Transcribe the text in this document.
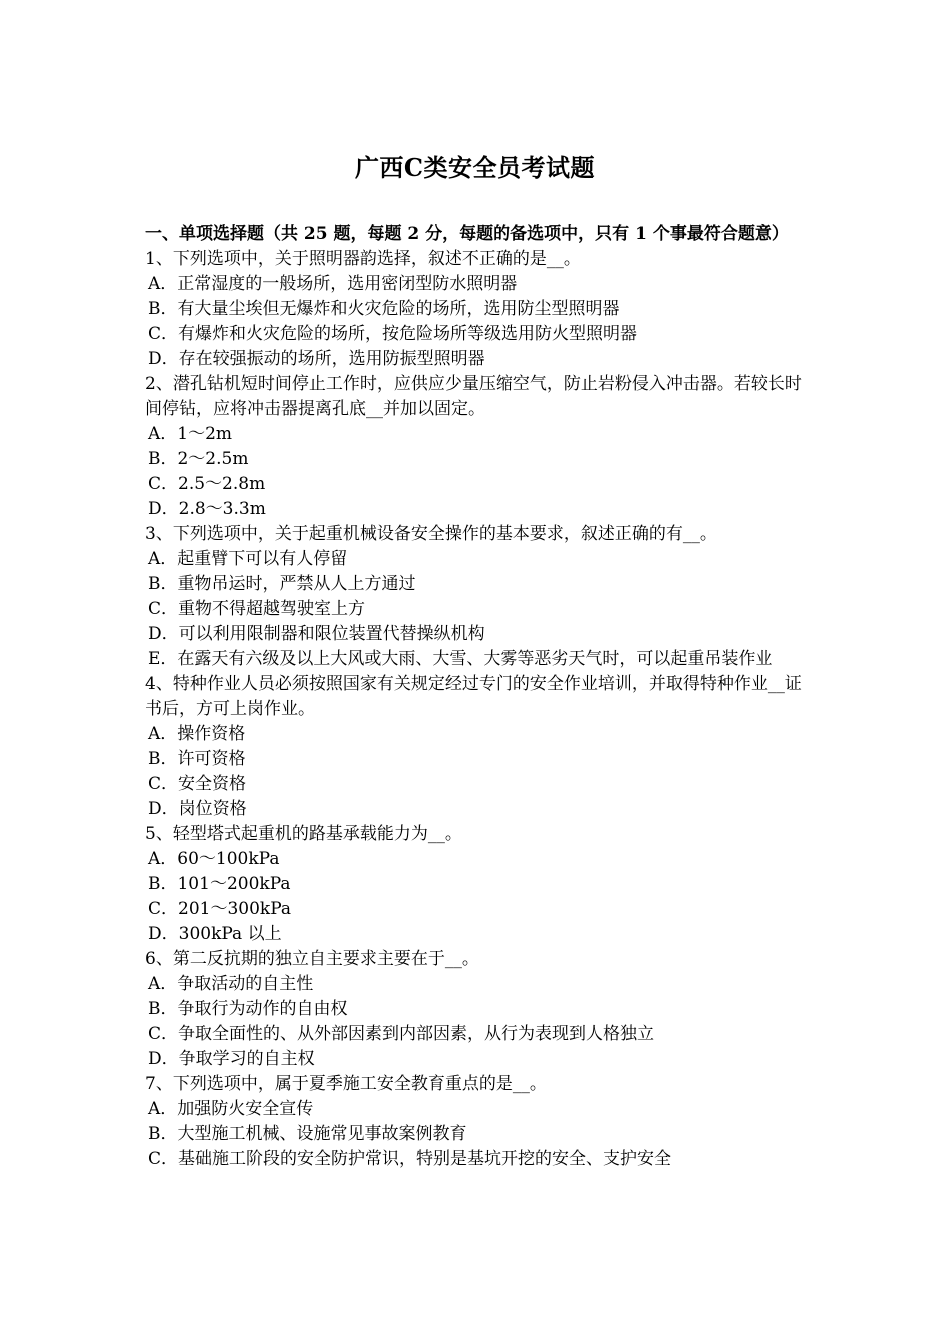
广西C类安全员考试题
一、单项选择题（共 25 题，每题 2 分，每题的备选项中，只有 1 个事最符合题意）
1、下列选项中，关于照明器韵选择，叙述不正确的是__。
A．正常湿度的一般场所，选用密闭型防水照明器
B．有大量尘埃但无爆炸和火灾危险的场所，选用防尘型照明器
C．有爆炸和火灾危险的场所，按危险场所等级选用防火型照明器
D．存在较强振动的场所，选用防振型照明器
2、潜孔钻机短时间停止工作时，应供应少量压缩空气，防止岩粉侵入冲击器。若较长时间停钻，应将冲击器提离孔底__并加以固定。
A．1～2m
B．2～2.5m
C．2.5～2.8m
D．2.8～3.3m
3、下列选项中，关于起重机械设备安全操作的基本要求，叙述正确的有__。
A．起重臂下可以有人停留
B．重物吊运时，严禁从人上方通过
C．重物不得超越驾驶室上方
D．可以利用限制器和限位装置代替操纵机构
E．在露天有六级及以上大风或大雨、大雪、大雾等恶劣天气时，可以起重吊装作业
4、特种作业人员必须按照国家有关规定经过专门的安全作业培训，并取得特种作业__证书后，方可上岗作业。
A．操作资格
B．许可资格
C．安全资格
D．岗位资格
5、轻型塔式起重机的路基承载能力为__。
A．60～100kPa
B．101～200kPa
C．201～300kPa
D．300kPa 以上
6、第二反抗期的独立自主要求主要在于__。
A．争取活动的自主性
B．争取行为动作的自由权
C．争取全面性的、从外部因素到内部因素，从行为表现到人格独立
D．争取学习的自主权
7、下列选项中，属于夏季施工安全教育重点的是__。
A．加强防火安全宣传
B．大型施工机械、设施常见事故案例教育
C．基础施工阶段的安全防护常识，特别是基坑开挖的安全、支护安全
